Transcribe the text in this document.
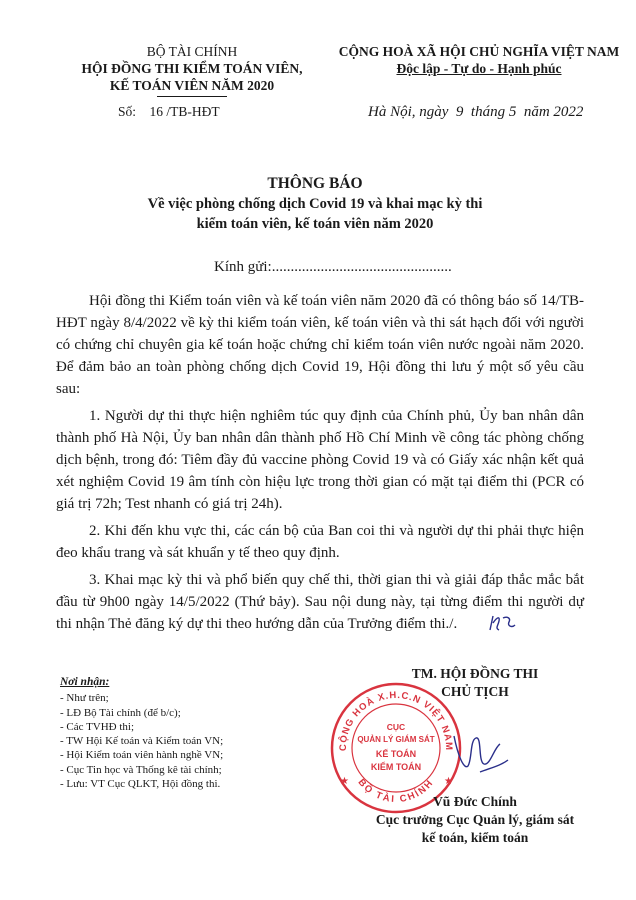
BỘ TÀI CHÍNH
HỘI ĐỒNG THI KIỂM TOÁN VIÊN,
KẾ TOÁN VIÊN NĂM 2020
CỘNG HOÀ XÃ HỘI CHỦ NGHĨA VIỆT NAM
Độc lập - Tự do - Hạnh phúc
Số:    16 /TB-HĐT	Hà Nội, ngày  9  tháng 5  năm 2022
THÔNG BÁO
Về việc phòng chống dịch Covid 19 và khai mạc kỳ thi
kiểm toán viên, kế toán viên năm 2020
Kính gửi:................................................

Hội đồng thi Kiểm toán viên và kế toán viên năm 2020 đã có thông báo số 14/TB-HĐT ngày 8/4/2022 về kỳ thi kiểm toán viên, kế toán viên và thi sát hạch đối với người có chứng chỉ chuyên gia kế toán hoặc chứng chỉ kiểm toán viên nước ngoài năm 2020. Để đảm bảo an toàn phòng chống dịch Covid 19, Hội đồng thi lưu ý một số yêu cầu sau:

1. Người dự thi thực hiện nghiêm túc quy định của Chính phủ, Ủy ban nhân dân thành phố Hà Nội, Ủy ban nhân dân thành phố Hồ Chí Minh về công tác phòng chống dịch bệnh, trong đó: Tiêm đầy đủ vaccine phòng Covid 19 và có Giấy xác nhận kết quả xét nghiệm Covid 19 âm tính còn hiệu lực trong thời gian có mặt tại điểm thi (PCR có giá trị 72h; Test nhanh có giá trị 24h).

2. Khi đến khu vực thi, các cán bộ của Ban coi thi và người dự thi phải thực hiện đeo khẩu trang và sát khuẩn y tế theo quy định.

3. Khai mạc kỳ thi và phổ biến quy chế thi, thời gian thi và giải đáp thắc mắc bắt đầu từ 9h00 ngày 14/5/2022 (Thứ bảy). Sau nội dung này, tại từng điểm thi người dự thi nhận Thẻ đăng ký dự thi theo hướng dẫn của Trưởng điểm thi./.

Nơi nhận:
- Như trên;
- LĐ Bộ Tài chính (để b/c);
- Các TVHĐ thi;
- TW Hội Kế toán và Kiểm toán VN;
- Hội Kiểm toán viên hành nghề VN;
- Cục Tin học và Thống kê tài chính;
- Lưu: VT Cục QLKT, Hội đồng thi.
TM. HỘI ĐỒNG THI
CHỦ TỊCH
CỘNG HOÀ X.H.C.N VIỆT NAM
BỘ TÀI CHÍNH
CỤC
QUẢN LÝ GIÁM SÁT
KẾ TOÁN
KIỂM TOÁN
★	★
Vũ Đức Chính
Cục trưởng Cục Quản lý, giám sát
kế toán, kiểm toán
